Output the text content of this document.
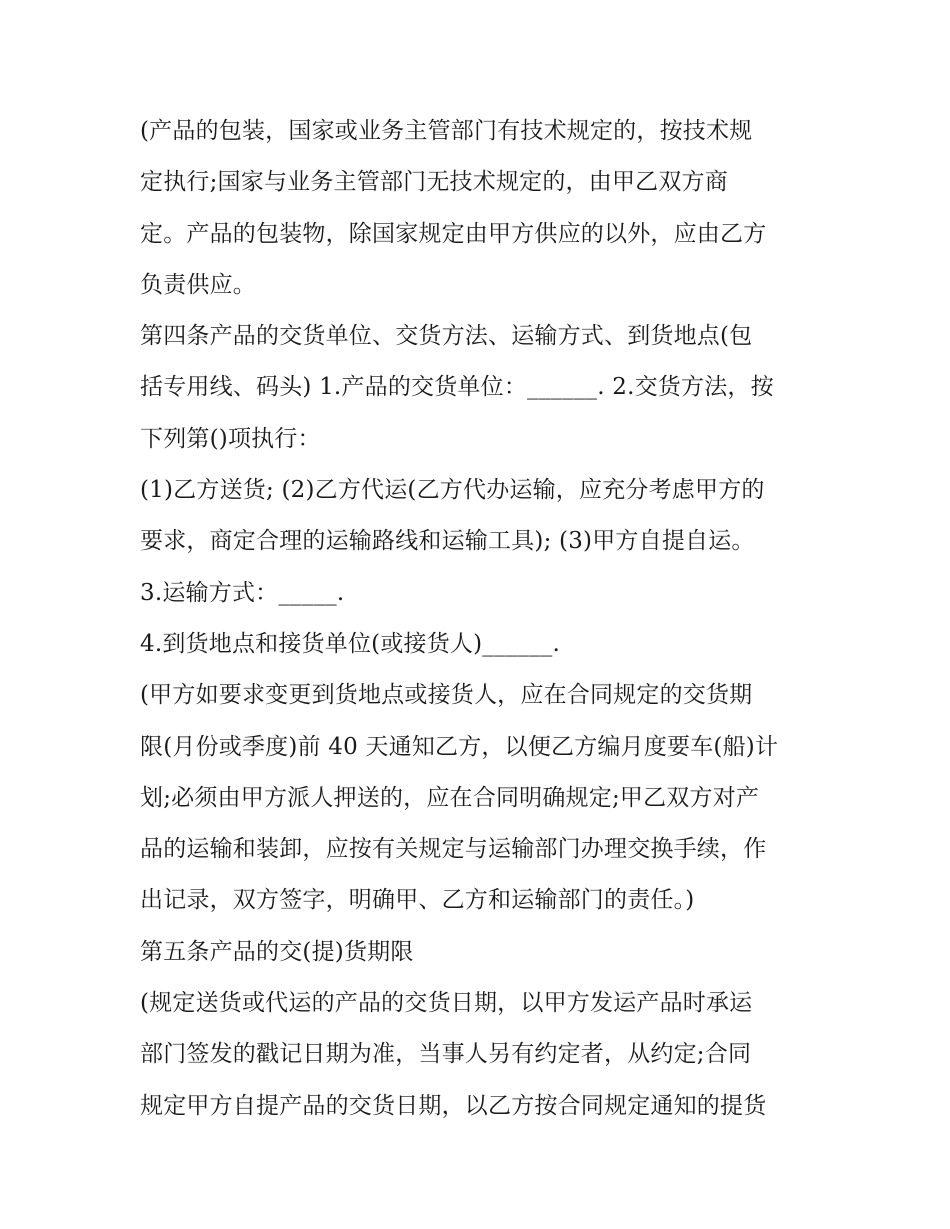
(产品的包装，国家或业务主管部门有技术规定的，按技术规
定执行;国家与业务主管部门无技术规定的，由甲乙双方商
定。产品的包装物，除国家规定由甲方供应的以外，应由乙方
负责供应。
第四条产品的交货单位、交货方法、运输方式、到货地点(包
括专用线、码头) 1.产品的交货单位：______. 2.交货方法，按
下列第()项执行：
(1)乙方送货; (2)乙方代运(乙方代办运输，应充分考虑甲方的
要求，商定合理的运输路线和运输工具); (3)甲方自提自运。
3.运输方式：_____.
4.到货地点和接货单位(或接货人)______.
(甲方如要求变更到货地点或接货人，应在合同规定的交货期
限(月份或季度)前 40 天通知乙方，以便乙方编月度要车(船)计
划;必须由甲方派人押送的，应在合同明确规定;甲乙双方对产
品的运输和装卸，应按有关规定与运输部门办理交换手续，作
出记录，双方签字，明确甲、乙方和运输部门的责任。)
第五条产品的交(提)货期限
(规定送货或代运的产品的交货日期，以甲方发运产品时承运
部门签发的戳记日期为准，当事人另有约定者，从约定;合同
规定甲方自提产品的交货日期，以乙方按合同规定通知的提货
